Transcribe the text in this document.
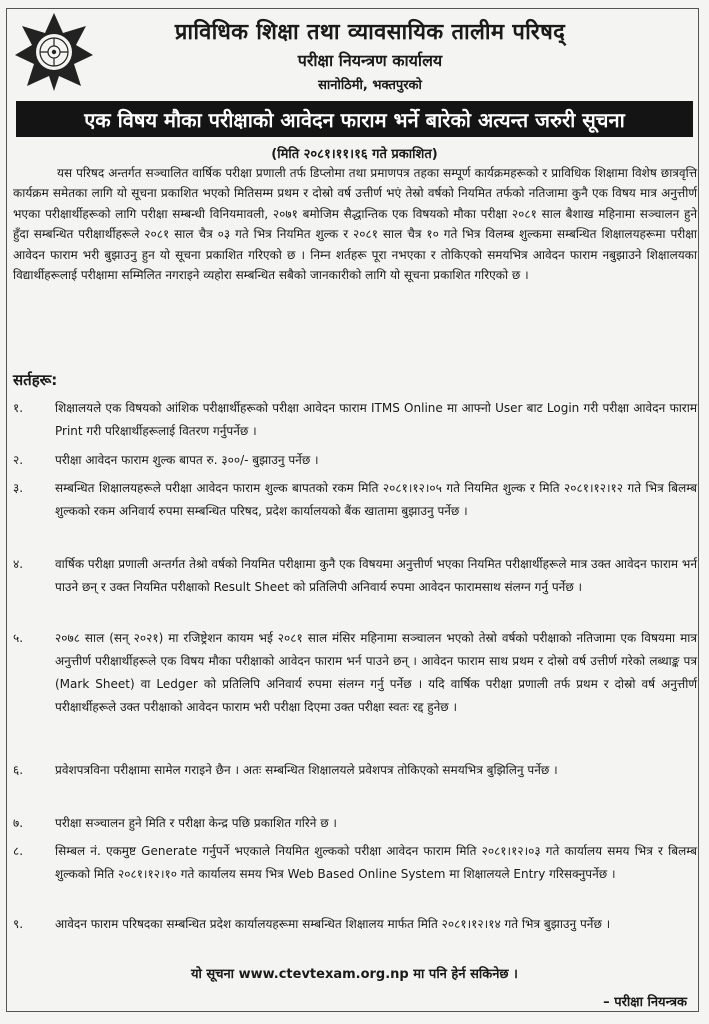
प्राविधिक शिक्षा तथा व्यावसायिक तालीम परिषद्
परीक्षा नियन्त्रण कार्यालय
सानोठिमी, भक्तपुरको
एक विषय मौका परीक्षाको आवेदन फाराम भर्ने बारेको अत्यन्त जरुरी सूचना
(मिति २०८१।११।१६ गते प्रकाशित)
यस परिषद अन्तर्गत सञ्चालित वार्षिक परीक्षा प्रणाली तर्फ डिप्लोमा तथा प्रमाणपत्र तहका सम्पूर्ण कार्यक्रमहरूको र प्राविधिक शिक्षामा विशेष छात्रवृत्ति कार्यक्रम समेतका लागि यो सूचना प्रकाशित भएको मितिसम्म प्रथम र दोस्रो वर्ष उत्तीर्ण भएं तेस्रो वर्षको नियमित तर्फको नतिजामा कुनै एक विषय मात्र अनुत्तीर्ण भएका परीक्षार्थीहरूको लागि परीक्षा सम्बन्धी विनियमावली, २०७१ बमोजिम सैद्धान्तिक एक विषयको मौका परीक्षा २०८१ साल बैशाख महिनामा सञ्चालन हुने हुँदा सम्बन्धित परीक्षार्थीहरूले २०८१ साल चैत्र ०३ गते भित्र नियमित शुल्क र २०८१ साल चैत्र १० गते भित्र विलम्ब शुल्कमा सम्बन्धित शिक्षालयहरूमा परीक्षा आवेदन फाराम भरी बुझाउनु हुन यो सूचना प्रकाशित गरिएको छ । निम्न शर्तहरू पूरा नभएका र तोकिएको समयभित्र आवेदन फाराम नबुझाउने शिक्षालयका विद्यार्थीहरूलाई परीक्षामा सम्मिलित नगराइने व्यहोरा सम्बन्धित सबैको जानकारीको लागि यो सूचना प्रकाशित गरिएको छ ।
सर्तहरू:
१.	शिक्षालयले एक विषयको आंशिक परीक्षार्थीहरूको परीक्षा आवेदन फाराम ITMS Online मा आफ्नो User बाट Login गरी परीक्षा आवेदन फाराम Print गरी परिक्षार्थीहरूलाई वितरण गर्नुपर्नेछ ।
२.	परीक्षा आवेदन फाराम शुल्क बापत रु. ३००/- बुझाउनु पर्नेछ ।
३.	सम्बन्धित शिक्षालयहरूले परीक्षा आवेदन फाराम शुल्क बापतको रकम मिति २०८१।१२।०५ गते नियमित शुल्क र मिति २०८१।१२।१२ गते भित्र बिलम्ब शुल्कको रकम अनिवार्य रुपमा सम्बन्धित परिषद, प्रदेश कार्यालयको बैंक खातामा बुझाउनु पर्नेछ ।
४.	वार्षिक परीक्षा प्रणाली अन्तर्गत तेश्रो वर्षको नियमित परीक्षामा कुनै एक विषयमा अनुत्तीर्ण भएका नियमित परीक्षार्थीहरूले मात्र उक्त आवेदन फाराम भर्न पाउने छन् र उक्त नियमित परीक्षाको Result Sheet को प्रतिलिपी अनिवार्य रुपमा आवेदन फारामसाथ संलग्न गर्नु पर्नेछ ।
५.	२०७८ साल (सन् २०२१) मा रजिष्ट्रेशन कायम भई २०८१ साल मंसिर महिनामा सञ्चालन भएको तेस्रो वर्षको परीक्षाको नतिजामा एक विषयमा मात्र अनुत्तीर्ण परीक्षार्थीहरूले एक विषय मौका परीक्षाको आवेदन फाराम भर्न पाउने छन् । आवेदन फाराम साथ प्रथम र दोस्रो वर्ष उत्तीर्ण गरेको लब्धाङ्क पत्र (Mark Sheet) वा Ledger को प्रतिलिपि अनिवार्य रुपमा संलग्न गर्नु पर्नेछ । यदि वार्षिक परीक्षा प्रणाली तर्फ प्रथम र दोस्रो वर्ष अनुत्तीर्ण परीक्षार्थीहरूले उक्त परीक्षाको आवेदन फाराम भरी परीक्षा दिएमा उक्त परीक्षा स्वतः रद्द हुनेछ ।
६.	प्रवेशपत्रविना परीक्षामा सामेल गराइने छैन । अतः सम्बन्धित शिक्षालयले प्रवेशपत्र तोकिएको समयभित्र बुझिलिनु पर्नेछ ।
७.	परीक्षा सञ्चालन हुने मिति र परीक्षा केन्द्र पछि प्रकाशित गरिने छ ।
८.	सिम्बल नं. एकमुष्ट Generate गर्नुपर्ने भएकाले नियमित शुल्कको परीक्षा आवेदन फाराम मिति २०८१।१२।०३ गते कार्यालय समय भित्र र बिलम्ब शुल्कको मिति २०८१।१२।१० गते कार्यालय समय भित्र Web Based Online System मा शिक्षालयले Entry गरिसक्नुपर्नेछ ।
९.	आवेदन फाराम परिषदका सम्बन्धित प्रदेश कार्यालयहरूमा सम्बन्धित शिक्षालय मार्फत मिति २०८१।१२।१४ गते भित्र बुझाउनु पर्नेछ ।
यो सूचना www.ctevtexam.org.np मा पनि हेर्न सकिनेछ ।
– परीक्षा नियन्त्रक
